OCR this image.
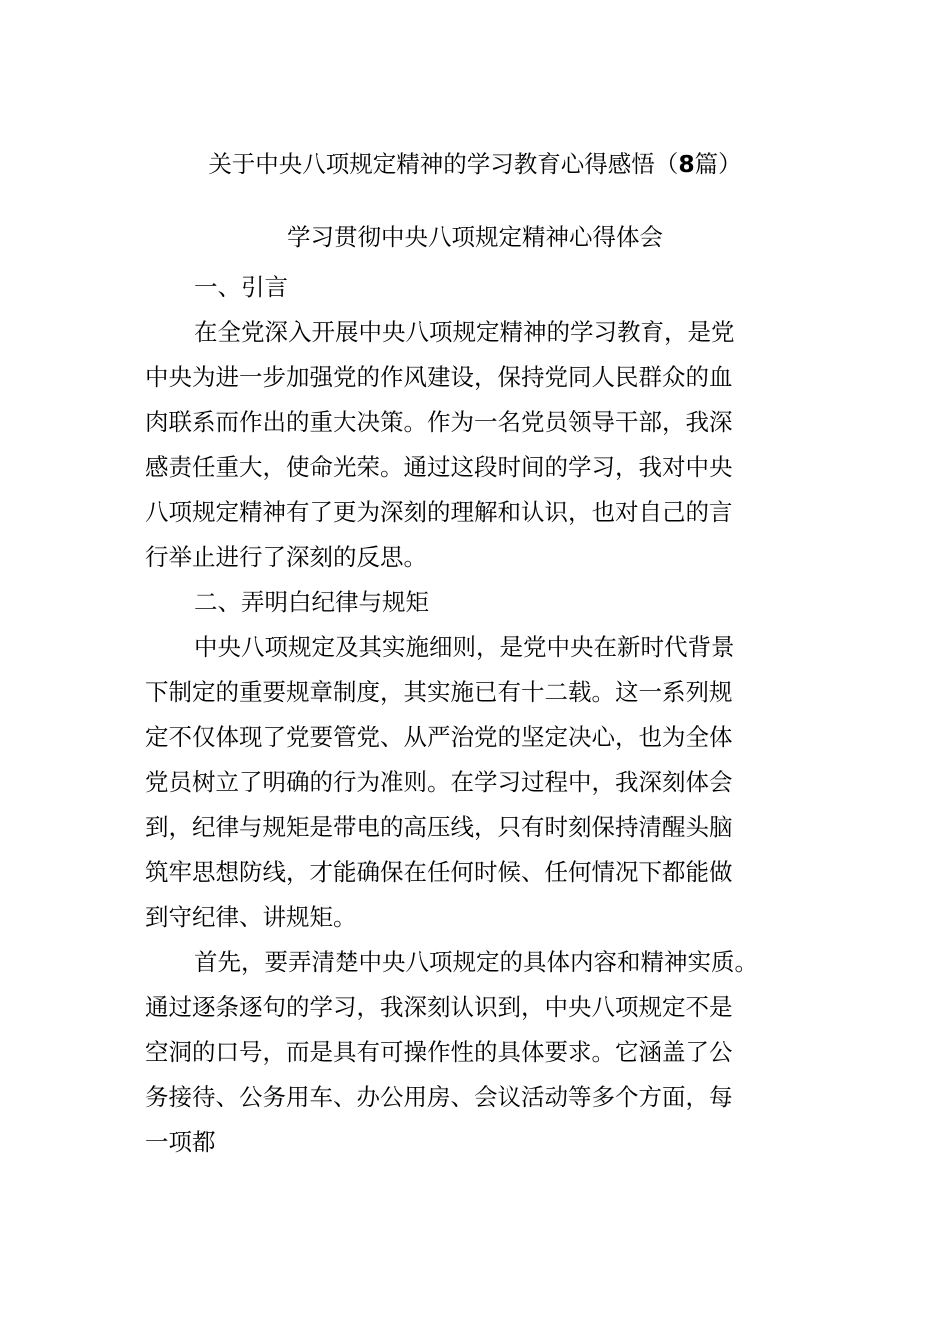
关于中央八项规定精神的学习教育心得感悟（8篇）
学习贯彻中央八项规定精神心得体会
一、引言
在全党深入开展中央八项规定精神的学习教育，是党
中央为进一步加强党的作风建设，保持党同人民群众的血
肉联系而作出的重大决策。作为一名党员领导干部，我深
感责任重大，使命光荣。通过这段时间的学习，我对中央
八项规定精神有了更为深刻的理解和认识，也对自己的言
行举止进行了深刻的反思。
二、弄明白纪律与规矩
中央八项规定及其实施细则，是党中央在新时代背景
下制定的重要规章制度，其实施已有十二载。这一系列规
定不仅体现了党要管党、从严治党的坚定决心，也为全体
党员树立了明确的行为准则。在学习过程中，我深刻体会
到，纪律与规矩是带电的高压线，只有时刻保持清醒头脑
筑牢思想防线，才能确保在任何时候、任何情况下都能做
到守纪律、讲规矩。
首先，要弄清楚中央八项规定的具体内容和精神实质。
通过逐条逐句的学习，我深刻认识到，中央八项规定不是
空洞的口号，而是具有可操作性的具体要求。它涵盖了公
务接待、公务用车、办公用房、会议活动等多个方面，每
一项都
